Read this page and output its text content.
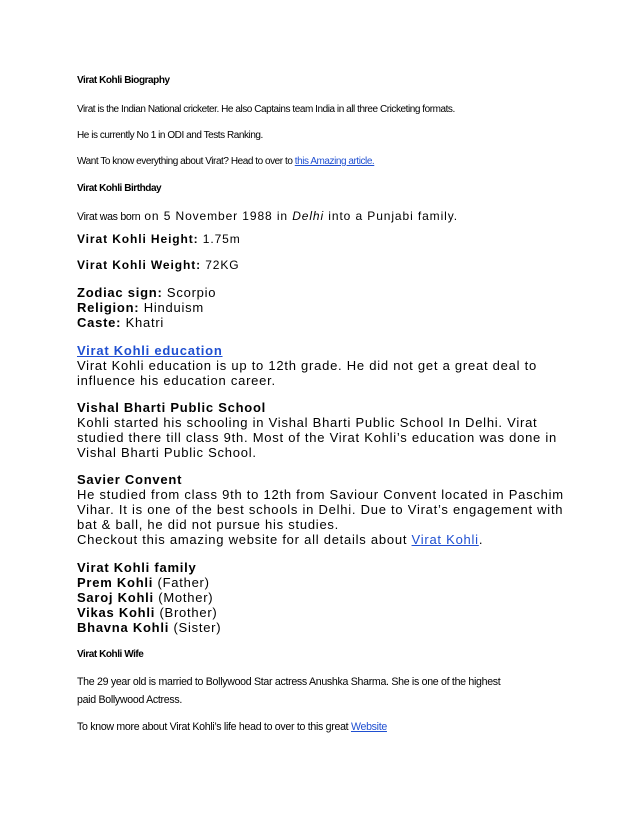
Virat Kohli Biography
Virat is the Indian National cricketer. He also Captains team India in all three Cricketing formats.
He is currently No 1 in ODI and Tests Ranking.
Want To know everything about Virat? Head to over to this Amazing article.
Virat Kohli Birthday
Virat was born on 5 November 1988 in Delhi into a Punjabi family.
Virat Kohli Height: 1.75m
Virat Kohli Weight: 72KG
Zodiac sign: Scorpio
Religion: Hinduism
Caste: Khatri
Virat Kohli education
Virat Kohli education is up to 12th grade. He did not get a great deal to
influence his education career.
Vishal Bharti Public School
Kohli started his schooling in Vishal Bharti Public School In Delhi. Virat
studied there till class 9th. Most of the Virat Kohli’s education was done in
Vishal Bharti Public School.
Savier Convent
He studied from class 9th to 12th from Saviour Convent located in Paschim
Vihar. It is one of the best schools in Delhi. Due to Virat’s engagement with
bat & ball, he did not pursue his studies.
Checkout this amazing website for all details about Virat Kohli.
Virat Kohli family
Prem Kohli (Father)
Saroj Kohli (Mother)
Vikas Kohli (Brother)
Bhavna Kohli (Sister)
Virat Kohli Wife
The 29 year old is married to Bollywood Star actress Anushka Sharma. She is one of the highest
paid Bollywood Actress.
To know more about Virat Kohli’s life head to over to this great Website
